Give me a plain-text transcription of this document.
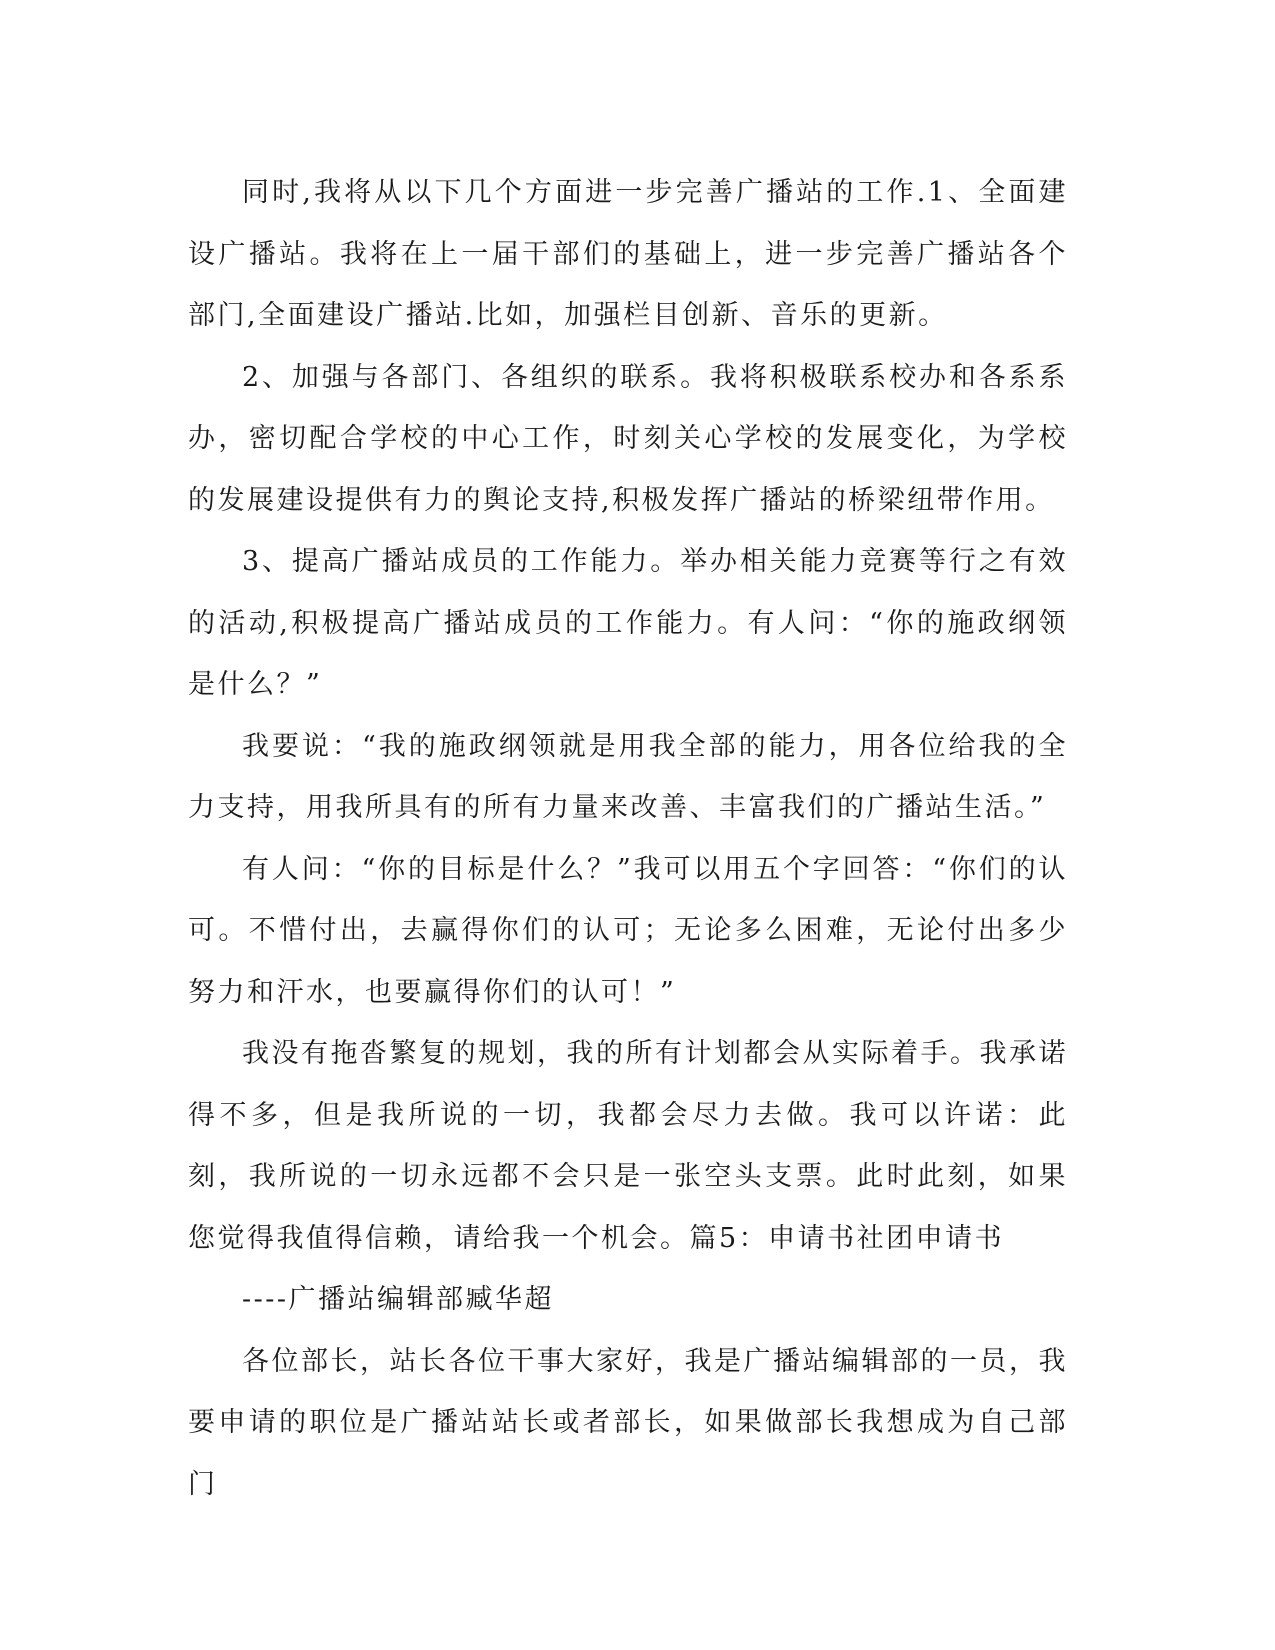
同时,我将从以下几个方面进一步完善广播站的工作.1、全面建设广播站。我将在上一届干部们的基础上，进一步完善广播站各个部门,全面建设广播站.比如，加强栏目创新、音乐的更新。

2、加强与各部门、各组织的联系。我将积极联系校办和各系系办，密切配合学校的中心工作，时刻关心学校的发展变化，为学校的发展建设提供有力的舆论支持,积极发挥广播站的桥梁纽带作用。

3、提高广播站成员的工作能力。举办相关能力竞赛等行之有效的活动,积极提高广播站成员的工作能力。有人问：“你的施政纲领是什么？”

我要说：“我的施政纲领就是用我全部的能力，用各位给我的全力支持，用我所具有的所有力量来改善、丰富我们的广播站生活。”

有人问：“你的目标是什么？”我可以用五个字回答：“你们的认可。不惜付出，去赢得你们的认可；无论多么困难，无论付出多少努力和汗水，也要赢得你们的认可！”

我没有拖沓繁复的规划，我的所有计划都会从实际着手。我承诺得不多，但是我所说的一切，我都会尽力去做。我可以许诺：此刻，我所说的一切永远都不会只是一张空头支票。此时此刻，如果您觉得我值得信赖，请给我一个机会。篇5：申请书社团申请书

----广播站编辑部臧华超

各位部长，站长各位干事大家好，我是广播站编辑部的一员，我要申请的职位是广播站站长或者部长，如果做部长我想成为自己部门
